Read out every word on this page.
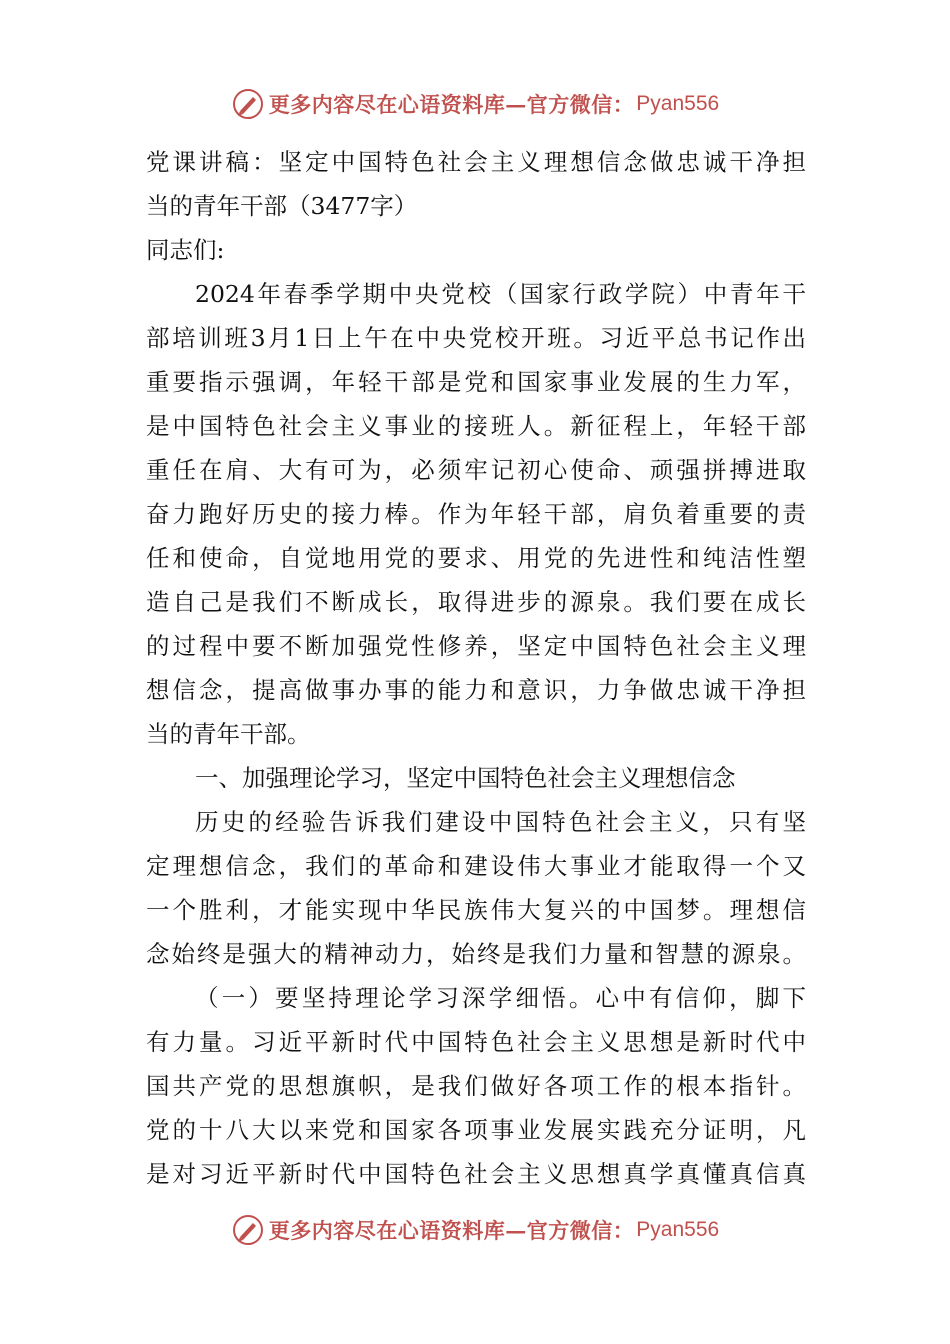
更多内容尽在心语资料库—官方微信： Pyan556
党课讲稿：坚定中国特色社会主义理想信念做忠诚干净担
当的青年干部（3477字）
同志们:
2024年春季学期中央党校（国家行政学院）中青年干
部培训班3月1日上午在中央党校开班。习近平总书记作出
重要指示强调，年轻干部是党和国家事业发展的生力军，
是中国特色社会主义事业的接班人。新征程上，年轻干部
重任在肩、大有可为，必须牢记初心使命、顽强拼搏进取
奋力跑好历史的接力棒。作为年轻干部，肩负着重要的责
任和使命，自觉地用党的要求、用党的先进性和纯洁性塑
造自己是我们不断成长，取得进步的源泉。我们要在成长
的过程中要不断加强党性修养，坚定中国特色社会主义理
想信念，提高做事办事的能力和意识，力争做忠诚干净担
当的青年干部。
一、加强理论学习，坚定中国特色社会主义理想信念
历史的经验告诉我们建设中国特色社会主义，只有坚
定理想信念，我们的革命和建设伟大事业才能取得一个又
一个胜利，才能实现中华民族伟大复兴的中国梦。理想信
念始终是强大的精神动力，始终是我们力量和智慧的源泉。
（一）要坚持理论学习深学细悟。心中有信仰，脚下
有力量。习近平新时代中国特色社会主义思想是新时代中
国共产党的思想旗帜，是我们做好各项工作的根本指针。
党的十八大以来党和国家各项事业发展实践充分证明，凡
是对习近平新时代中国特色社会主义思想真学真懂真信真
更多内容尽在心语资料库—官方微信： Pyan556
